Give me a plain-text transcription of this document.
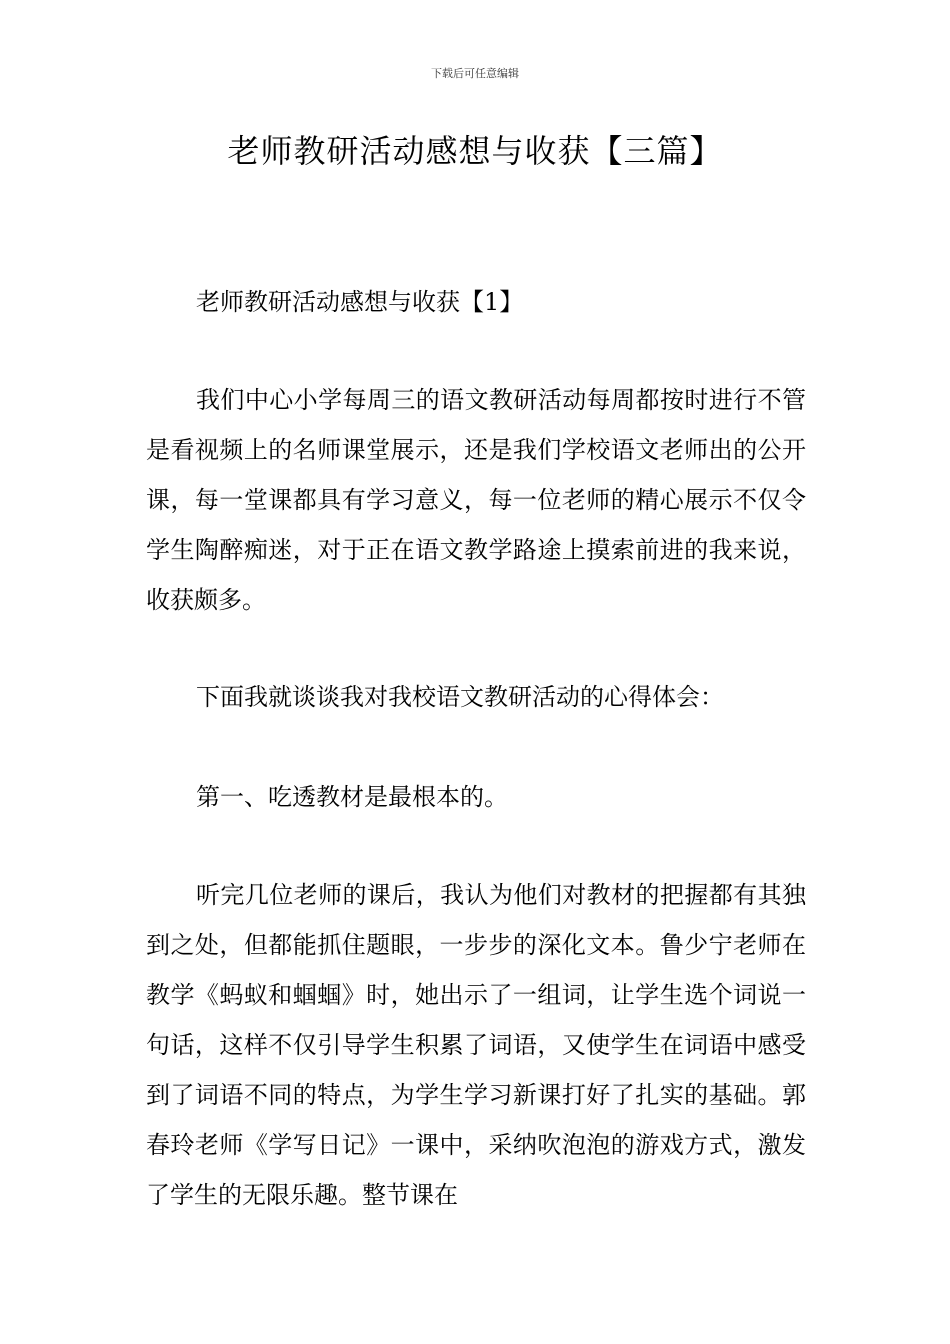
下载后可任意编辑
老师教研活动感想与收获【三篇】

老师教研活动感想与收获【1】

我们中心小学每周三的语文教研活动每周都按时进行不管是看视频上的名师课堂展示，还是我们学校语文老师出的公开课，每一堂课都具有学习意义，每一位老师的精心展示不仅令学生陶醉痴迷，对于正在语文教学路途上摸索前进的我来说，收获颇多。

下面我就谈谈我对我校语文教研活动的心得体会：

第一、吃透教材是最根本的。

听完几位老师的课后，我认为他们对教材的把握都有其独到之处，但都能抓住题眼，一步步的深化文本。鲁少宁老师在教学《蚂蚁和蝈蝈》时，她出示了一组词，让学生选个词说一句话，这样不仅引导学生积累了词语，又使学生在词语中感受到了词语不同的特点，为学生学习新课打好了扎实的基础。郭春玲老师《学写日记》一课中，采纳吹泡泡的游戏方式，激发了学生的无限乐趣。整节课在
